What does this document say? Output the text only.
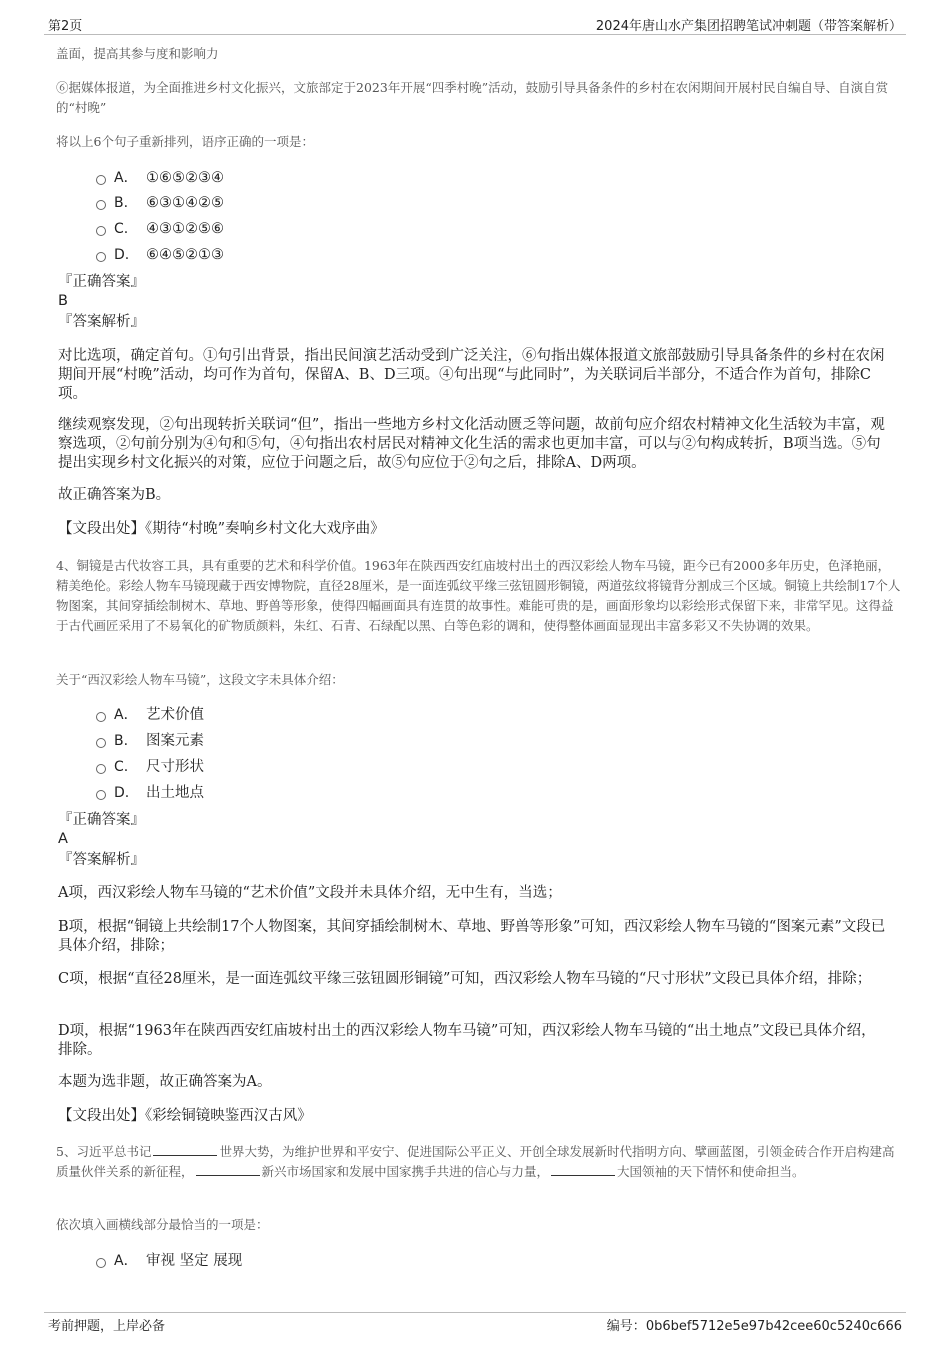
第2页	2024年唐山水产集团招聘笔试冲刺题（带答案解析）
盖面，提高其参与度和影响力
⑥据媒体报道，为全面推进乡村文化振兴，文旅部定于2023年开展“四季村晚”活动，鼓励引导具备条件的乡村在农闲期间开展村民自编自导、自演自赏的“村晚”
将以上6个句子重新排列，语序正确的一项是：
A． ①⑥⑤②③④
B. ⑥③①④②⑤
C. ④③①②⑤⑥
D. ⑥④⑤②①③
『正确答案』
B
『答案解析』
对比选项，确定首句。①句引出背景，指出民间演艺活动受到广泛关注，⑥句指出媒体报道文旅部鼓励引导具备条件的乡村在农闲期间开展“村晚”活动，均可作为首句，保留A、B、D三项。④句出现“与此同时”，为关联词后半部分，不适合作为首句，排除C项。
继续观察发现，②句出现转折关联词“但”，指出一些地方乡村文化活动匮乏等问题，故前句应介绍农村精神文化生活较为丰富，观察选项，②句前分别为④句和⑤句，④句指出农村居民对精神文化生活的需求也更加丰富，可以与②句构成转折，B项当选。⑤句提出实现乡村文化振兴的对策，应位于问题之后，故⑤句应位于②句之后，排除A、D两项。
故正确答案为B。
【文段出处】《期待“村晚”奏响乡村文化大戏序曲》
4、铜镜是古代妆容工具，具有重要的艺术和科学价值。1963年在陕西西安红庙坡村出土的西汉彩绘人物车马镜，距今已有2000多年历史，色泽艳丽，精美绝伦。彩绘人物车马镜现藏于西安博物院，直径28厘米，是一面连弧纹平缘三弦钮圆形铜镜，两道弦纹将镜背分割成三个区域。铜镜上共绘制17个人物图案，其间穿插绘制树木、草地、野兽等形象，使得四幅画面具有连贯的故事性。难能可贵的是，画面形象均以彩绘形式保留下来，非常罕见。这得益于古代画匠采用了不易氧化的矿物质颜料，朱红、石青、石绿配以黑、白等色彩的调和，使得整体画面显现出丰富多彩又不失协调的效果。
关于“西汉彩绘人物车马镜”，这段文字未具体介绍：
A． 艺术价值
B. 图案元素
C. 尺寸形状
D. 出土地点
『正确答案』
A
『答案解析』
A项，西汉彩绘人物车马镜的“艺术价值”文段并未具体介绍，无中生有，当选；
B项，根据“铜镜上共绘制17个人物图案，其间穿插绘制树木、草地、野兽等形象”可知，西汉彩绘人物车马镜的“图案元素”文段已具体介绍，排除；
C项，根据“直径28厘米，是一面连弧纹平缘三弦钮圆形铜镜”可知，西汉彩绘人物车马镜的“尺寸形状”文段已具体介绍，排除；
D项，根据“1963年在陕西西安红庙坡村出土的西汉彩绘人物车马镜”可知，西汉彩绘人物车马镜的“出土地点”文段已具体介绍，排除。
本题为选非题，故正确答案为A。
【文段出处】《彩绘铜镜映鉴西汉古风》
5、习近平总书记	世界大势，为维护世界和平安宁、促进国际公平正义、开创全球发展新时代指明方向、擘画蓝图，引领金砖合作开启构建高质量伙伴关系的新征程，	新兴市场国家和发展中国家携手共进的信心与力量，	大国领袖的天下情怀和使命担当。
依次填入画横线部分最恰当的一项是：
A． 审视 坚定 展现
考前押题，上岸必备	编号：0b6bef5712e5e97b42cee60c5240c666
